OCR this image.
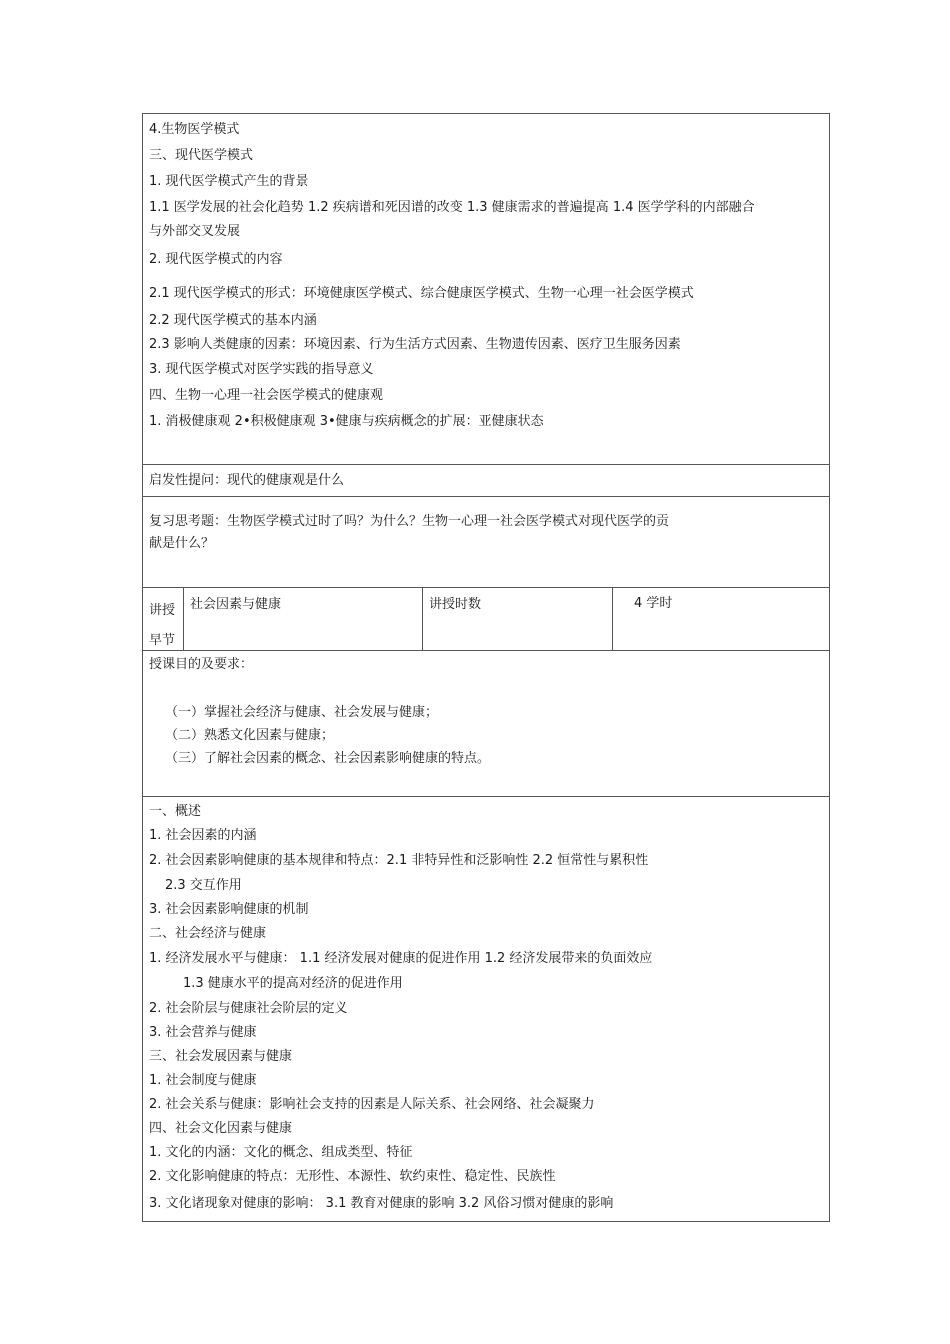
4.生物医学模式
三、现代医学模式
1. 现代医学模式产生的背景
1.1 医学发展的社会化趋势 1.2 疾病谱和死因谱的改变 1.3 健康需求的普遍提高 1.4 医学学科的内部融合
与外部交叉发展
2. 现代医学模式的内容
2.1 现代医学模式的形式：环境健康医学模式、综合健康医学模式、生物一心理一社会医学模式
2.2 现代医学模式的基本内涵
2.3 影响人类健康的因素：环境因素、行为生活方式因素、生物遗传因素、医疗卫生服务因素
3. 现代医学模式对医学实践的指导意义
四、生物一心理一社会医学模式的健康观
1. 消极健康观 2•积极健康观 3•健康与疾病概念的扩展：亚健康状态
启发性提问：现代的健康观是什么
复习思考题：生物医学模式过时了吗？为什么？生物一心理一社会医学模式对现代医学的贡
献是什么？
讲授
早节
社会因素与健康	讲授时数	4 学时
授课目的及要求：
（一）掌握社会经济与健康、社会发展与健康；
（二）熟悉文化因素与健康；
（三）了解社会因素的概念、社会因素影响健康的特点。
一、概述
1. 社会因素的内涵
2. 社会因素影响健康的基本规律和特点：2.1 非特异性和泛影响性 2.2 恒常性与累积性
2.3 交互作用
3. 社会因素影响健康的机制
二、社会经济与健康
1. 经济发展水平与健康： 1.1 经济发展对健康的促进作用 1.2 经济发展带来的负面效应
1.3 健康水平的提高对经济的促进作用
2. 社会阶层与健康社会阶层的定义
3. 社会营养与健康
三、社会发展因素与健康
1. 社会制度与健康
2. 社会关系与健康：影响社会支持的因素是人际关系、社会网络、社会凝聚力
四、社会文化因素与健康
1. 文化的内涵：文化的概念、组成类型、特征
2. 文化影响健康的特点：无形性、本源性、软约束性、稳定性、民族性
3. 文化诸现象对健康的影响： 3.1 教育对健康的影响 3.2 风俗习惯对健康的影响
